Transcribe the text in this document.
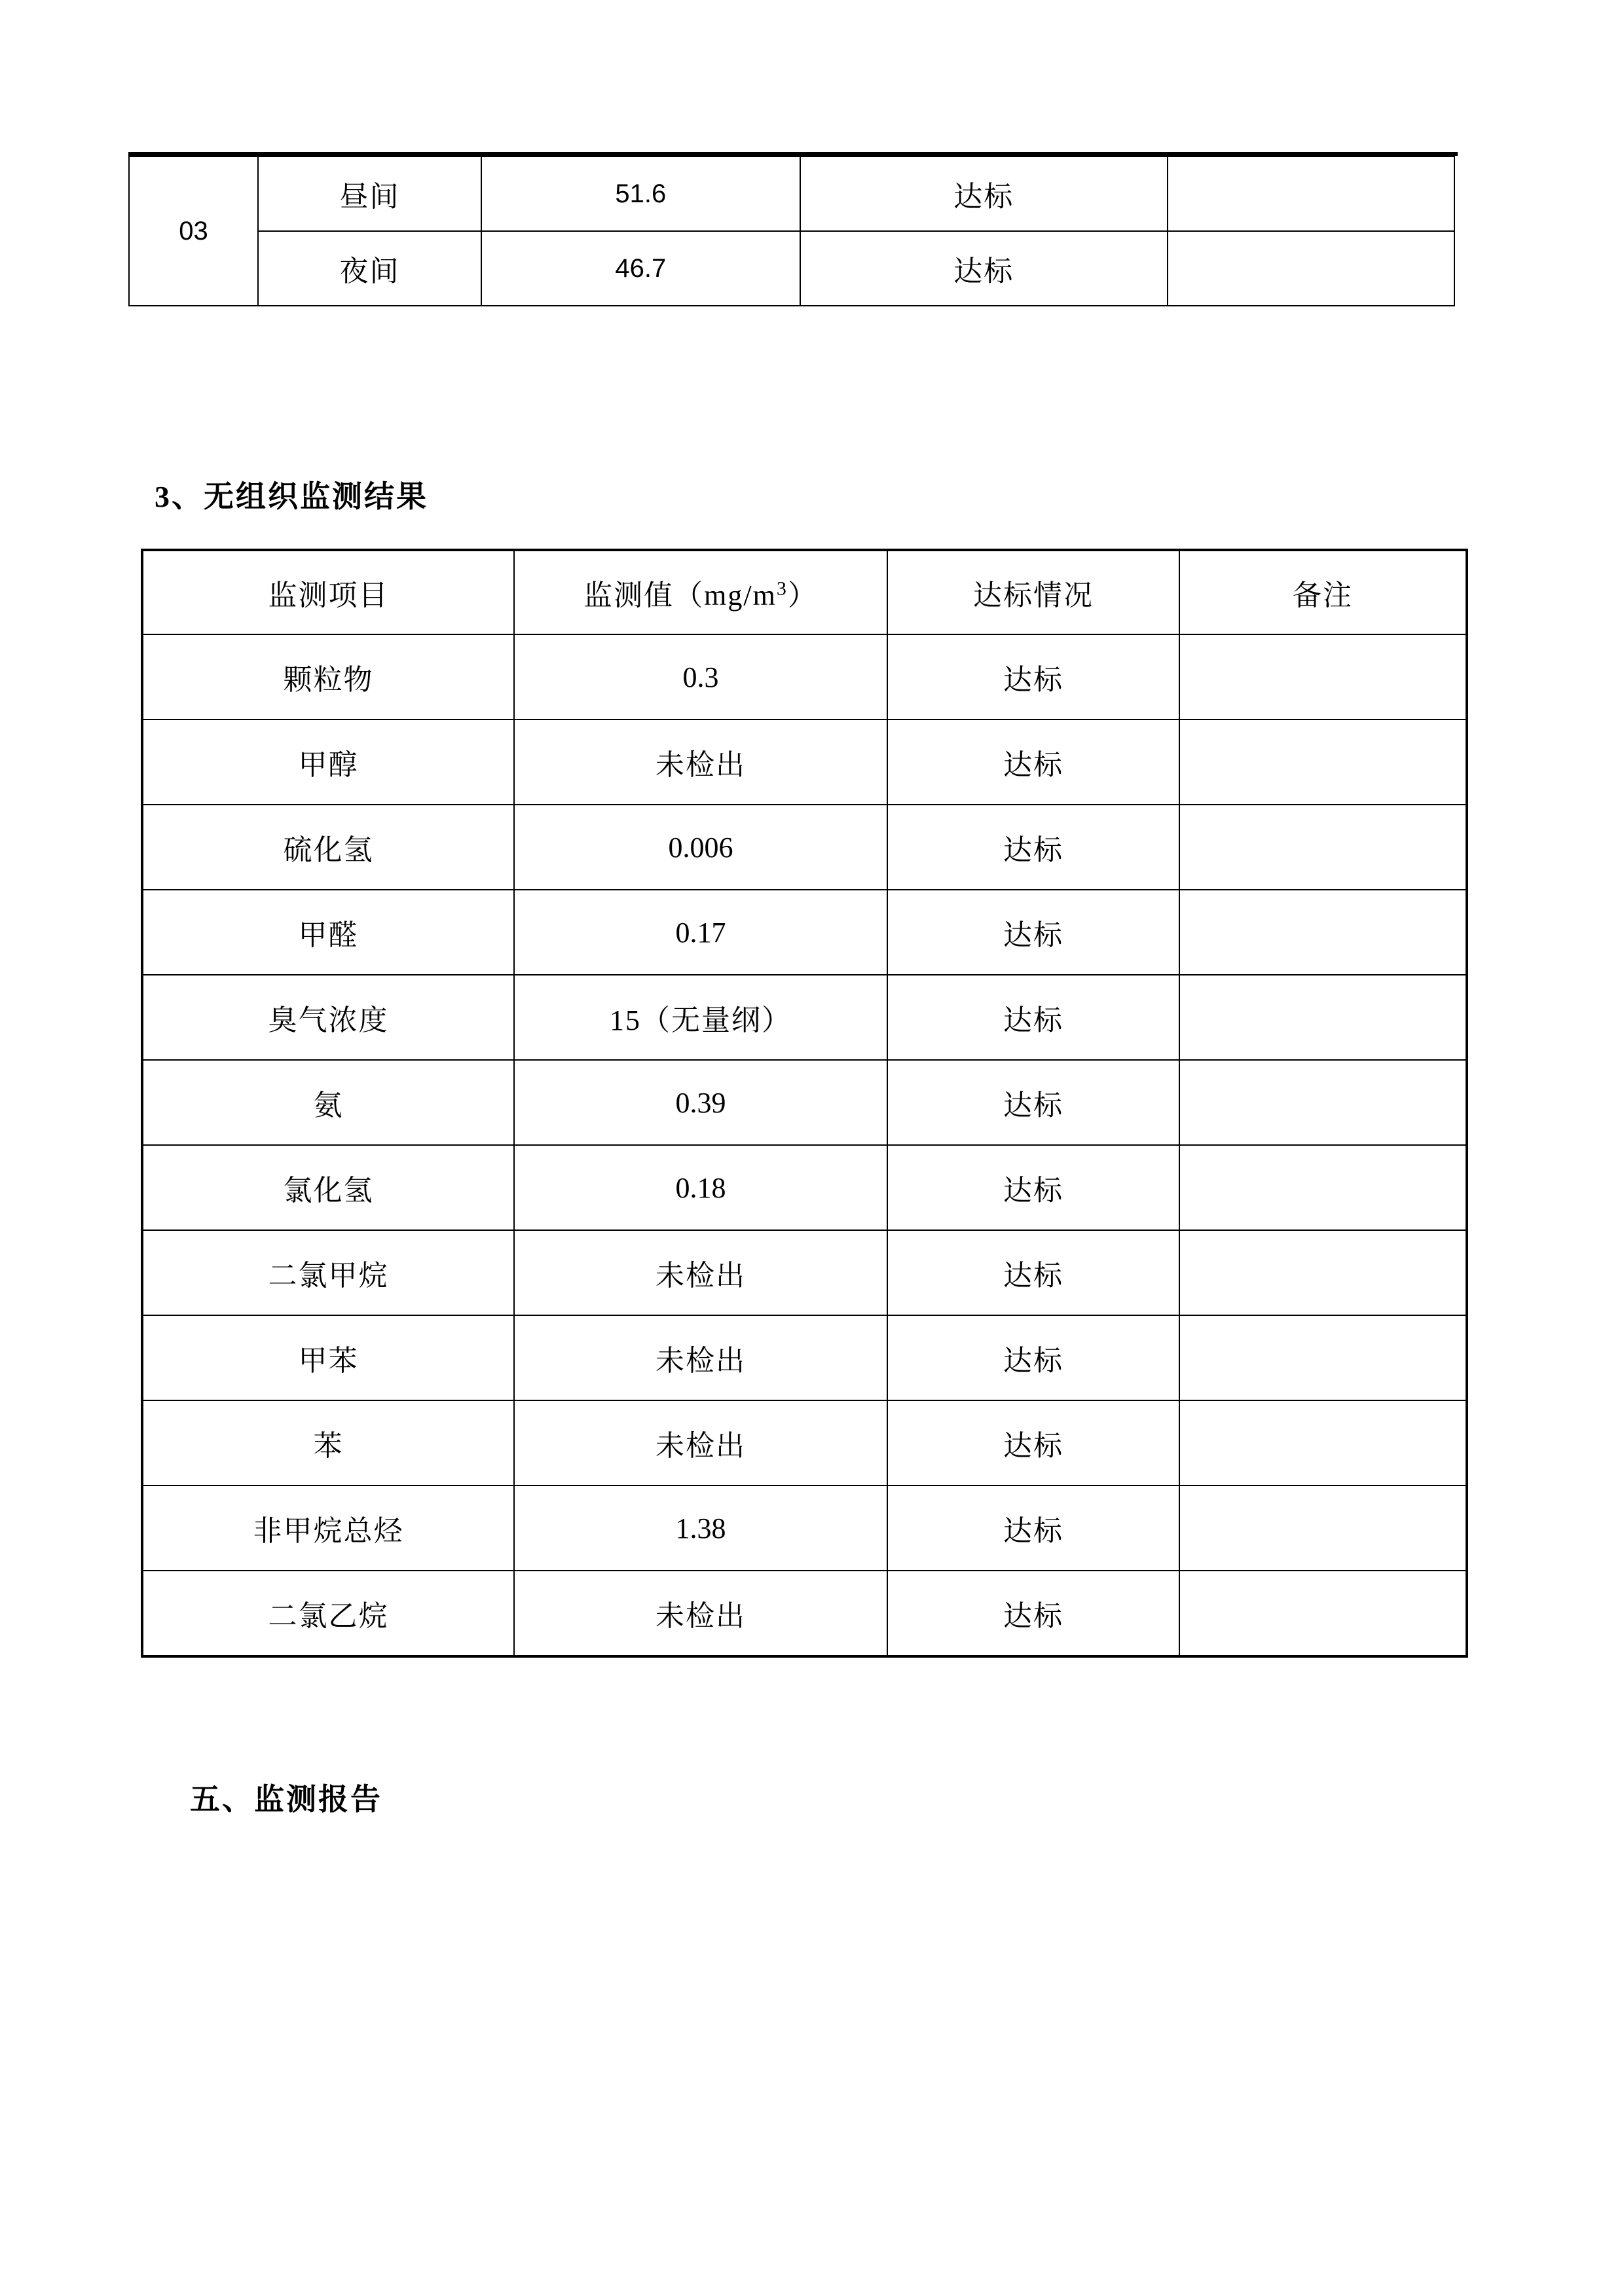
03	昼间	51.6	达标	
	夜间	46.7	达标	
3、无组织监测结果
监测项目	监测值$(mg/m^3)$	达标情况	备注
颗粒物	0.3	达标	
甲醇	未检出	达标	
硫化氢	0.006	达标	
甲醛	0.17	达标	
臭气浓度	15（无量纲）	达标	
氨	0.39	达标	
氯化氢	0.18	达标	
二氯甲烷	未检出	达标	
甲苯	未检出	达标	
苯	未检出	达标	
非甲烷总烃	1.38	达标	
二氯乙烷	未检出	达标	
五、监测报告
